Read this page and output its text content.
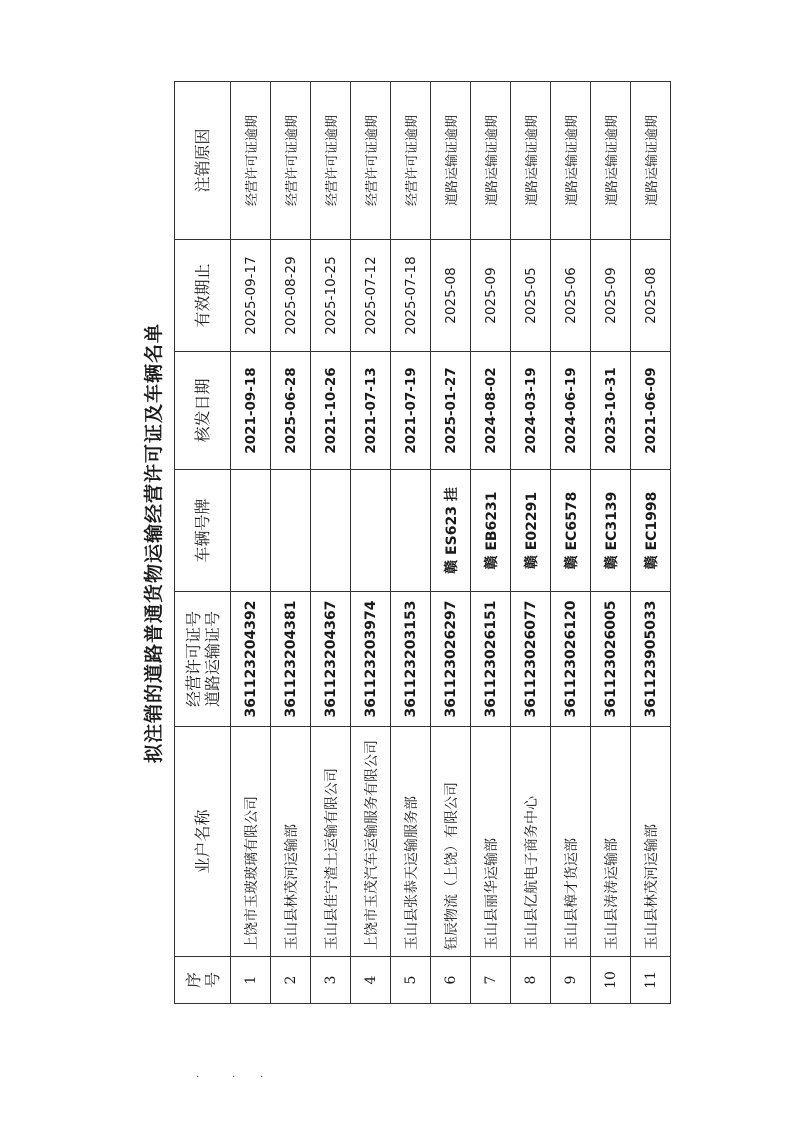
拟注销的道路普通货物运输经营许可证及车辆名单
序 号	业户名称	经营许可证号 道路运输证号	车辆号牌	核发日期	有效期止	注销原因
1	上饶市玉玻玻璃有限公司	361123204392		2021-09-18	2025-09-17	经营许可证逾期
2	玉山县林茂河运输部	361123204381		2025-06-28	2025-08-29	经营许可证逾期
3	玉山县佳宁渣土运输有限公司	361123204367		2021-10-26	2025-10-25	经营许可证逾期
4	上饶市玉茂汽车运输服务有限公司	361123203974		2021-07-13	2025-07-12	经营许可证逾期
5	玉山县张恭天运输服务部	361123203153		2021-07-19	2025-07-18	经营许可证逾期
6	钰辰物流（上饶）有限公司	361123026297	赣 ES623 挂	2025-01-27	2025-08	道路运输证逾期
7	玉山县丽华运输部	361123026151	赣 EB6231	2024-08-02	2025-09	道路运输证逾期
8	玉山县亿航电子商务中心	361123026077	赣 E02291	2024-03-19	2025-05	道路运输证逾期
9	玉山县樟才货运部	361123026120	赣 EC6578	2024-06-19	2025-06	道路运输证逾期
10	玉山县涛涛运输部	361123026005	赣 EC3139	2023-10-31	2025-09	道路运输证逾期
11	玉山县林茂河运输部	361123905033	赣 EC1998	2021-06-09	2025-08	道路运输证逾期
·	· ·
